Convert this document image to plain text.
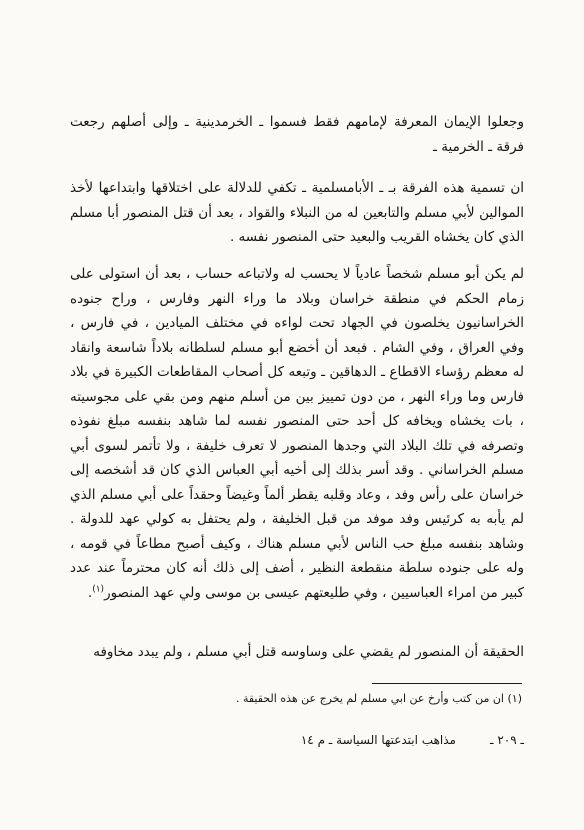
وجعلوا الإيمان المعرفة لإمامهم فقط فسموا ـ الخرمدينية ـ وإلى أصلهم رجعت فرقة ـ الخرمية ـ

ان تسمية هذه الفرقة بـ ـ الأبامسلمية ـ تكفي للدلالة على اختلاقها وابتداعها لأخذ الموالين لأبي مسلم والتابعين له من النبلاء والقواد ، بعد أن قتل المنصور أبا مسلم الذي كان يخشاه القريب والبعيد حتى المنصور نفسه .

لم يكن أبو مسلم شخصاً عادياً لا يحسب له ولاتباعه حساب ، بعد أن استولى على زمام الحكم في منطقة خراسان وبلاد ما وراء النهر وفارس ، وراح جنوده الخراسانيون يخلصون في الجهاد تحت لواءه في مختلف الميادين ، في فارس ، وفي العراق ، وفي الشام . فبعد أن أخضع أبو مسلم لسلطانه بلاداً شاسعة وانقاد له معظم رؤساء الاقطاع ـ الدهاقين ـ وتبعه كل أصحاب المقاطعات الكبيرة في بلاد فارس وما وراء النهر ، من دون تمييز بين من أسلم منهم ومن بقي على مجوسيته ، بات يخشاه ويخافه كل أحد حتى المنصور نفسه لما شاهد بنفسه مبلغ نفوذه وتصرفه في تلك البلاد التي وجدها المنصور لا تعرف خليفة ، ولا تأتمر لسوى أبي مسلم الخراساني . وقد أسر بذلك إلى أخيه أبي العباس الذي كان قد أشخصه إلى خراسان على رأس وفد ، وعاد وقلبه يقطر ألماً وغيضاً وحقداً على أبي مسلم الذي لم يأبه به كرئيس وفد موفد من قبل الخليفة ، ولم يحتفل به كولي عهد للدولة . وشاهد بنفسه مبلغ حب الناس لأبي مسلم هناك ، وكيف أصبح مطاعاً في قومه ، وله على جنوده سلطة منقطعة النظير ، أضف إلى ذلك أنه كان محترماً عند عدد كبير من امراء العباسيين ، وفي طليعتهم عيسى بن موسى ولي عهد المنصور$^{(١)}$.

الحقيقة أن المنصور لم يقضي على وساوسه قتل أبي مسلم ، ولم يبدد مخاوفه

(١) ان من كتب وأرخ عن ابي مسلم لم يخرج عن هذه الحقيقة .

ـ ٢٠٩ ـمذاهب ابتدعتها السياسة ـ م ١٤
